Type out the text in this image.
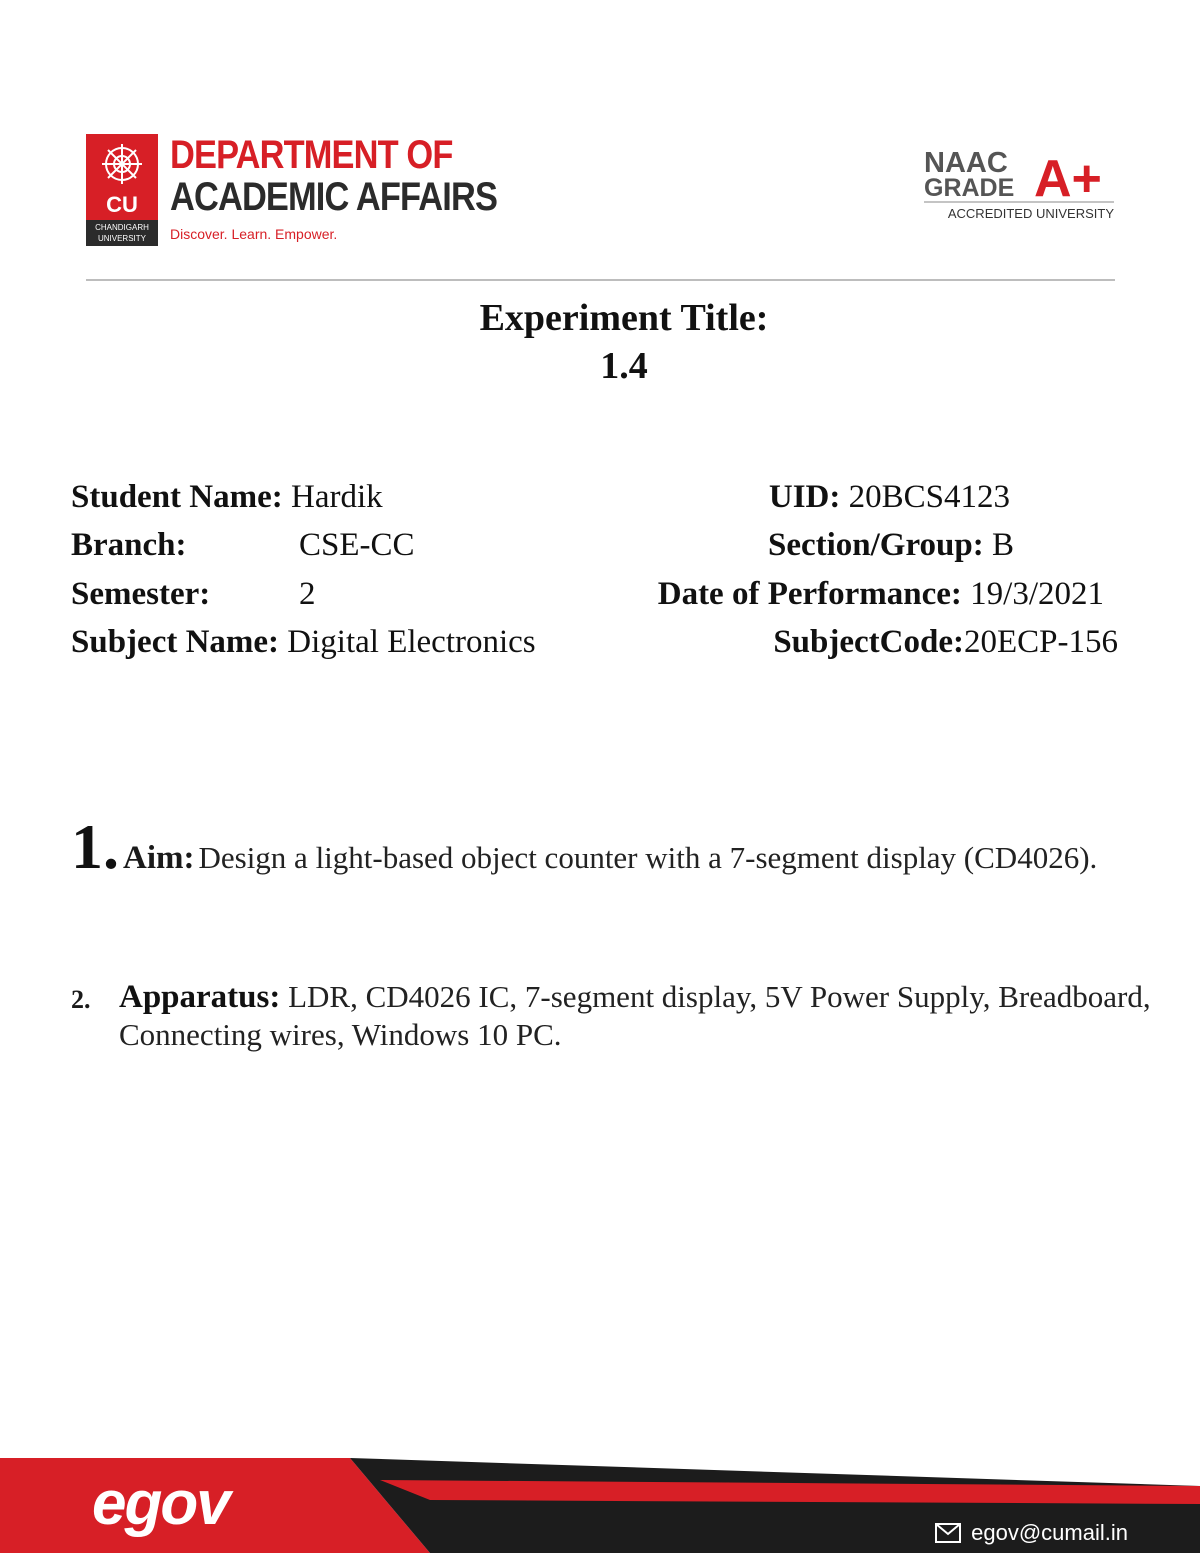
CU
CHANDIGARH
UNIVERSITY
DEPARTMENT OF
ACADEMIC AFFAIRS
Discover. Learn. Empower.
NAAC
GRADE A+
ACCREDITED UNIVERSITY
Experiment Title:
1.4
Student Name: Hardik	UID: 20BCS4123
Branch:	CSE-CC	Section/Group: B
Semester:	2	Date of Performance: 19/3/2021
Subject Name: Digital Electronics	SubjectCode:20ECP-156
1. Aim: Design a light-based object counter with a 7-segment display (CD4026).
2. Apparatus: LDR, CD4026 IC, 7-segment display, 5V Power Supply, Breadboard,
Connecting wires, Windows 10 PC.
egov	egov@cumail.in
